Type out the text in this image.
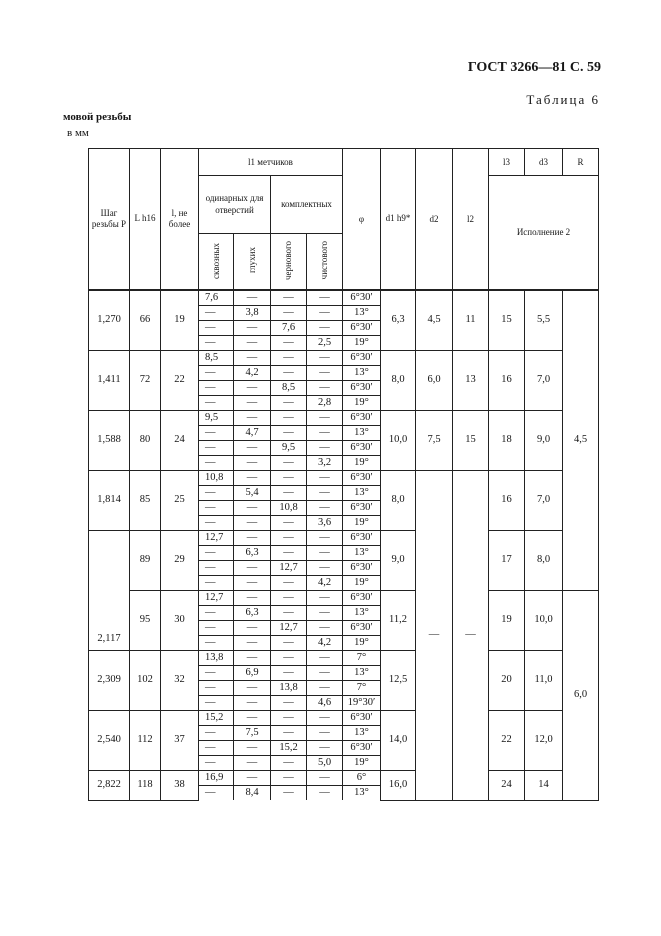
ГОСТ 3266—81 С. 59
Таблица 6
мовой резьбы
в мм
Шаг резьбы P	L h16	l, не более	l1 метчиков				φ	d1 h9*	d2	l2	l3	d3	R
			одинарных для отверстий		комплектных						Исполнение 2		
			сквозных	глухих	чернового	чистового							

1,270	66	19	7,6	—	—	—	6°30′	6,3	4,5	11	15	5,5	4,5
			—	3,8	—	—	13°						
			—	—	7,6	—	6°30′						
			—	—	—	2,5	19°						
1,411	72	22	8,5	—	—	—	6°30′	8,0	6,0	13	16	7,0	
			—	4,2	—	—	13°						
			—	—	8,5	—	6°30′						
			—	—	—	2,8	19°						
1,588	80	24	9,5	—	—	—	6°30′	10,0	7,5	15	18	9,0	
			—	4,7	—	—	13°						
			—	—	9,5	—	6°30′						
			—	—	—	3,2	19°						
1,814	85	25	10,8	—	—	—	6°30′	8,0	—	—	16	7,0	
			—	5,4	—	—	13°						
			—	—	10,8	—	6°30′						
			—	—	—	3,6	19°						
2,117	89	29	12,7	—	—	—	6°30′	9,0			17	8,0	
			—	6,3	—	—	13°						
			—	—	12,7	—	6°30′						
			—	—	—	4,2	19°						
	95	30	12,7	—	—	—	6°30′	11,2			19	10,0	6,0
			—	6,3	—	—	13°						
			—	—	12,7	—	6°30′						
			—	—	—	4,2	19°						
2,309	102	32	13,8	—	—	—	7°	12,5			20	11,0	
			—	6,9	—	—	13°						
			—	—	13,8	—	7°						
			—	—	—	4,6	19°30′						
2,540	112	37	15,2	—	—	—	6°30′	14,0			22	12,0	
			—	7,5	—	—	13°						
			—	—	15,2	—	6°30′						
			—	—	—	5,0	19°						
2,822	118	38	16,9	—	—	—	6°	16,0			24	14	
			—	8,4	—	—	13°						
